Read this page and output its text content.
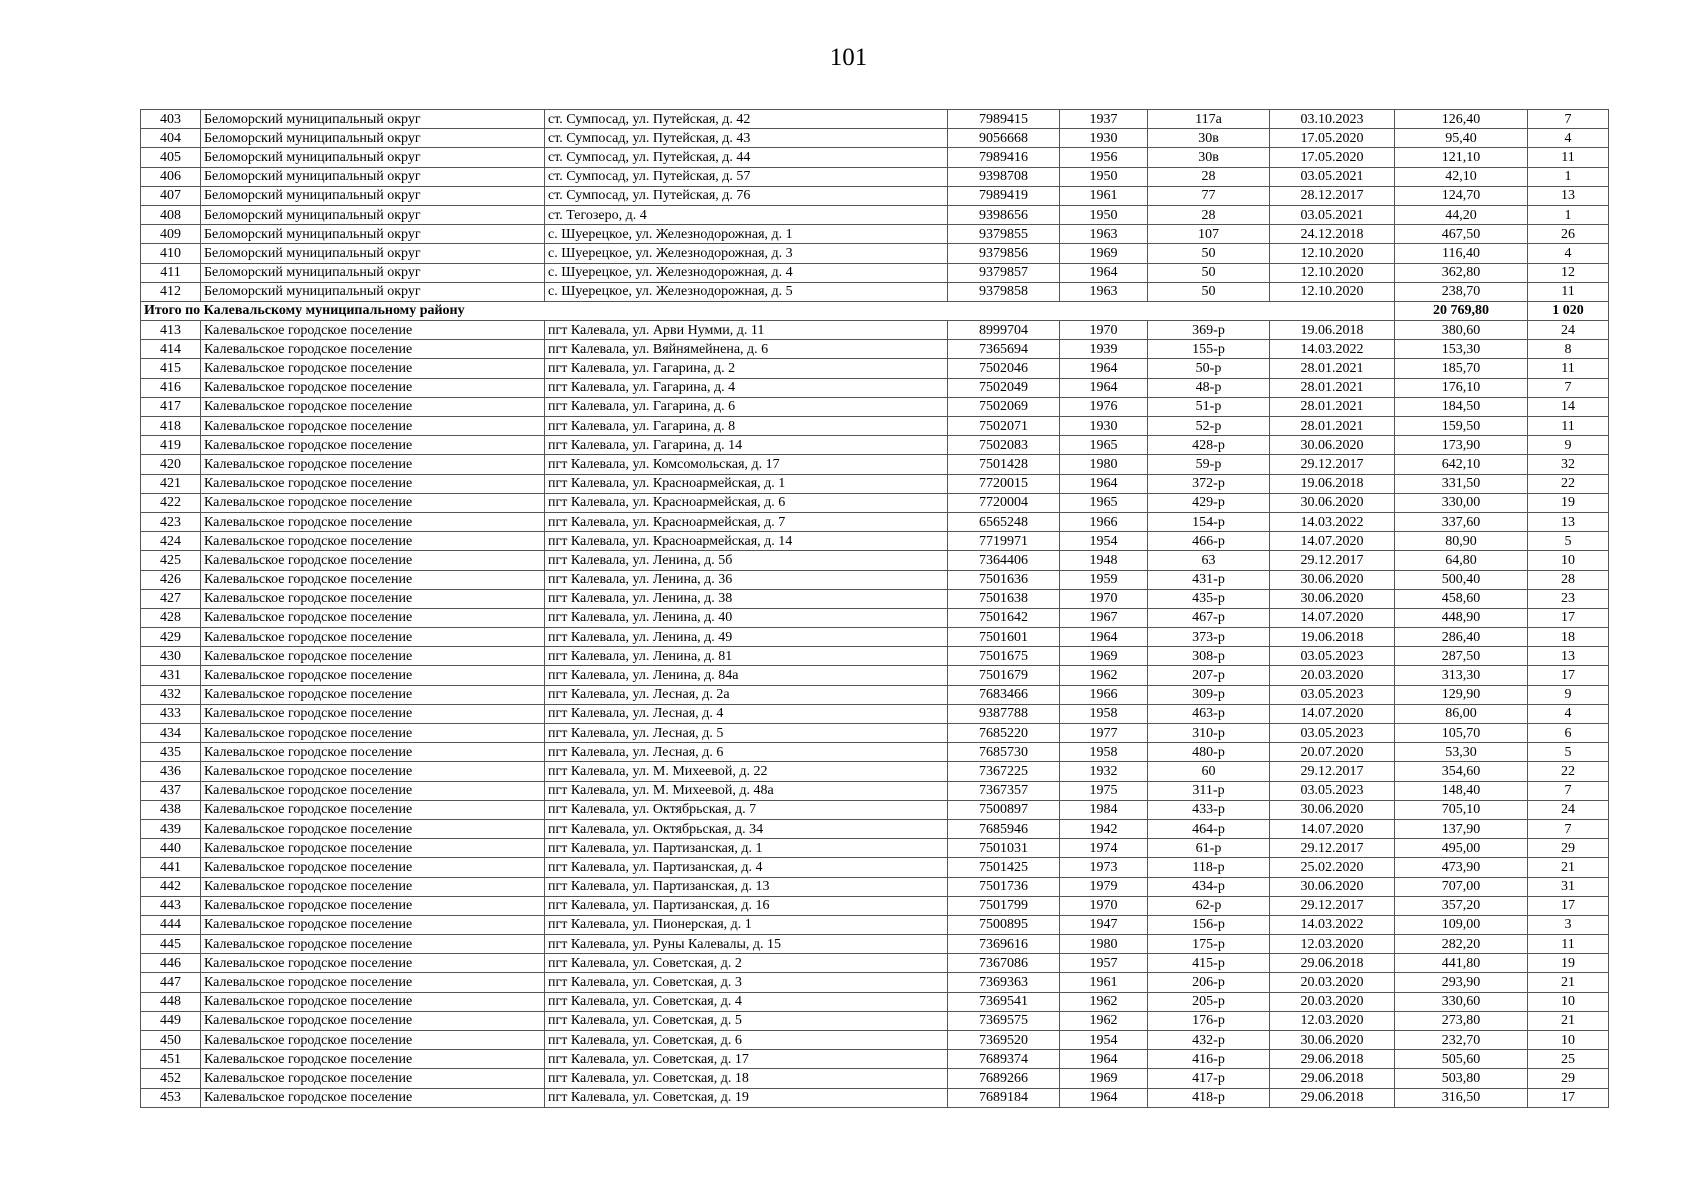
101
403	Беломорский муниципальный округ	ст. Сумпосад, ул. Путейская, д. 42	7989415	1937	117а	03.10.2023	126,40	7
404	Беломорский муниципальный округ	ст. Сумпосад, ул. Путейская, д. 43	9056668	1930	30в	17.05.2020	95,40	4
405	Беломорский муниципальный округ	ст. Сумпосад, ул. Путейская, д. 44	7989416	1956	30в	17.05.2020	121,10	11
406	Беломорский муниципальный округ	ст. Сумпосад, ул. Путейская, д. 57	9398708	1950	28	03.05.2021	42,10	1
407	Беломорский муниципальный округ	ст. Сумпосад, ул. Путейская, д. 76	7989419	1961	77	28.12.2017	124,70	13
408	Беломорский муниципальный округ	ст. Тегозеро, д. 4	9398656	1950	28	03.05.2021	44,20	1
409	Беломорский муниципальный округ	с. Шуерецкое, ул. Железнодорожная, д. 1	9379855	1963	107	24.12.2018	467,50	26
410	Беломорский муниципальный округ	с. Шуерецкое, ул. Железнодорожная, д. 3	9379856	1969	50	12.10.2020	116,40	4
411	Беломорский муниципальный округ	с. Шуерецкое, ул. Железнодорожная, д. 4	9379857	1964	50	12.10.2020	362,80	12
412	Беломорский муниципальный округ	с. Шуерецкое, ул. Железнодорожная, д. 5	9379858	1963	50	12.10.2020	238,70	11
Итого по Калевальскому муниципальному району							20 769,80	1 020
413	Калевальское городское поселение	пгт Калевала, ул. Арви Нумми, д. 11	8999704	1970	369-р	19.06.2018	380,60	24
414	Калевальское городское поселение	пгт Калевала, ул. Вяйнямейнена, д. 6	7365694	1939	155-р	14.03.2022	153,30	8
415	Калевальское городское поселение	пгт Калевала, ул. Гагарина, д. 2	7502046	1964	50-р	28.01.2021	185,70	11
416	Калевальское городское поселение	пгт Калевала, ул. Гагарина, д. 4	7502049	1964	48-р	28.01.2021	176,10	7
417	Калевальское городское поселение	пгт Калевала, ул. Гагарина, д. 6	7502069	1976	51-р	28.01.2021	184,50	14
418	Калевальское городское поселение	пгт Калевала, ул. Гагарина, д. 8	7502071	1930	52-р	28.01.2021	159,50	11
419	Калевальское городское поселение	пгт Калевала, ул. Гагарина, д. 14	7502083	1965	428-р	30.06.2020	173,90	9
420	Калевальское городское поселение	пгт Калевала, ул. Комсомольская, д. 17	7501428	1980	59-р	29.12.2017	642,10	32
421	Калевальское городское поселение	пгт Калевала, ул. Красноармейская, д. 1	7720015	1964	372-р	19.06.2018	331,50	22
422	Калевальское городское поселение	пгт Калевала, ул. Красноармейская, д. 6	7720004	1965	429-р	30.06.2020	330,00	19
423	Калевальское городское поселение	пгт Калевала, ул. Красноармейская, д. 7	6565248	1966	154-р	14.03.2022	337,60	13
424	Калевальское городское поселение	пгт Калевала, ул. Красноармейская, д. 14	7719971	1954	466-р	14.07.2020	80,90	5
425	Калевальское городское поселение	пгт Калевала, ул. Ленина, д. 5б	7364406	1948	63	29.12.2017	64,80	10
426	Калевальское городское поселение	пгт Калевала, ул. Ленина, д. 36	7501636	1959	431-р	30.06.2020	500,40	28
427	Калевальское городское поселение	пгт Калевала, ул. Ленина, д. 38	7501638	1970	435-р	30.06.2020	458,60	23
428	Калевальское городское поселение	пгт Калевала, ул. Ленина, д. 40	7501642	1967	467-р	14.07.2020	448,90	17
429	Калевальское городское поселение	пгт Калевала, ул. Ленина, д. 49	7501601	1964	373-р	19.06.2018	286,40	18
430	Калевальское городское поселение	пгт Калевала, ул. Ленина, д. 81	7501675	1969	308-р	03.05.2023	287,50	13
431	Калевальское городское поселение	пгт Калевала, ул. Ленина, д. 84а	7501679	1962	207-р	20.03.2020	313,30	17
432	Калевальское городское поселение	пгт Калевала, ул. Лесная, д. 2а	7683466	1966	309-р	03.05.2023	129,90	9
433	Калевальское городское поселение	пгт Калевала, ул. Лесная, д. 4	9387788	1958	463-р	14.07.2020	86,00	4
434	Калевальское городское поселение	пгт Калевала, ул. Лесная, д. 5	7685220	1977	310-р	03.05.2023	105,70	6
435	Калевальское городское поселение	пгт Калевала, ул. Лесная, д. 6	7685730	1958	480-р	20.07.2020	53,30	5
436	Калевальское городское поселение	пгт Калевала, ул. М. Михеевой, д. 22	7367225	1932	60	29.12.2017	354,60	22
437	Калевальское городское поселение	пгт Калевала, ул. М. Михеевой, д. 48а	7367357	1975	311-р	03.05.2023	148,40	7
438	Калевальское городское поселение	пгт Калевала, ул. Октябрьская, д. 7	7500897	1984	433-р	30.06.2020	705,10	24
439	Калевальское городское поселение	пгт Калевала, ул. Октябрьская, д. 34	7685946	1942	464-р	14.07.2020	137,90	7
440	Калевальское городское поселение	пгт Калевала, ул. Партизанская, д. 1	7501031	1974	61-р	29.12.2017	495,00	29
441	Калевальское городское поселение	пгт Калевала, ул. Партизанская, д. 4	7501425	1973	118-р	25.02.2020	473,90	21
442	Калевальское городское поселение	пгт Калевала, ул. Партизанская, д. 13	7501736	1979	434-р	30.06.2020	707,00	31
443	Калевальское городское поселение	пгт Калевала, ул. Партизанская, д. 16	7501799	1970	62-р	29.12.2017	357,20	17
444	Калевальское городское поселение	пгт Калевала, ул. Пионерская, д. 1	7500895	1947	156-р	14.03.2022	109,00	3
445	Калевальское городское поселение	пгт Калевала, ул. Руны Калевалы, д. 15	7369616	1980	175-р	12.03.2020	282,20	11
446	Калевальское городское поселение	пгт Калевала, ул. Советская, д. 2	7367086	1957	415-р	29.06.2018	441,80	19
447	Калевальское городское поселение	пгт Калевала, ул. Советская, д. 3	7369363	1961	206-р	20.03.2020	293,90	21
448	Калевальское городское поселение	пгт Калевала, ул. Советская, д. 4	7369541	1962	205-р	20.03.2020	330,60	10
449	Калевальское городское поселение	пгт Калевала, ул. Советская, д. 5	7369575	1962	176-р	12.03.2020	273,80	21
450	Калевальское городское поселение	пгт Калевала, ул. Советская, д. 6	7369520	1954	432-р	30.06.2020	232,70	10
451	Калевальское городское поселение	пгт Калевала, ул. Советская, д. 17	7689374	1964	416-р	29.06.2018	505,60	25
452	Калевальское городское поселение	пгт Калевала, ул. Советская, д. 18	7689266	1969	417-р	29.06.2018	503,80	29
453	Калевальское городское поселение	пгт Калевала, ул. Советская, д. 19	7689184	1964	418-р	29.06.2018	316,50	17
